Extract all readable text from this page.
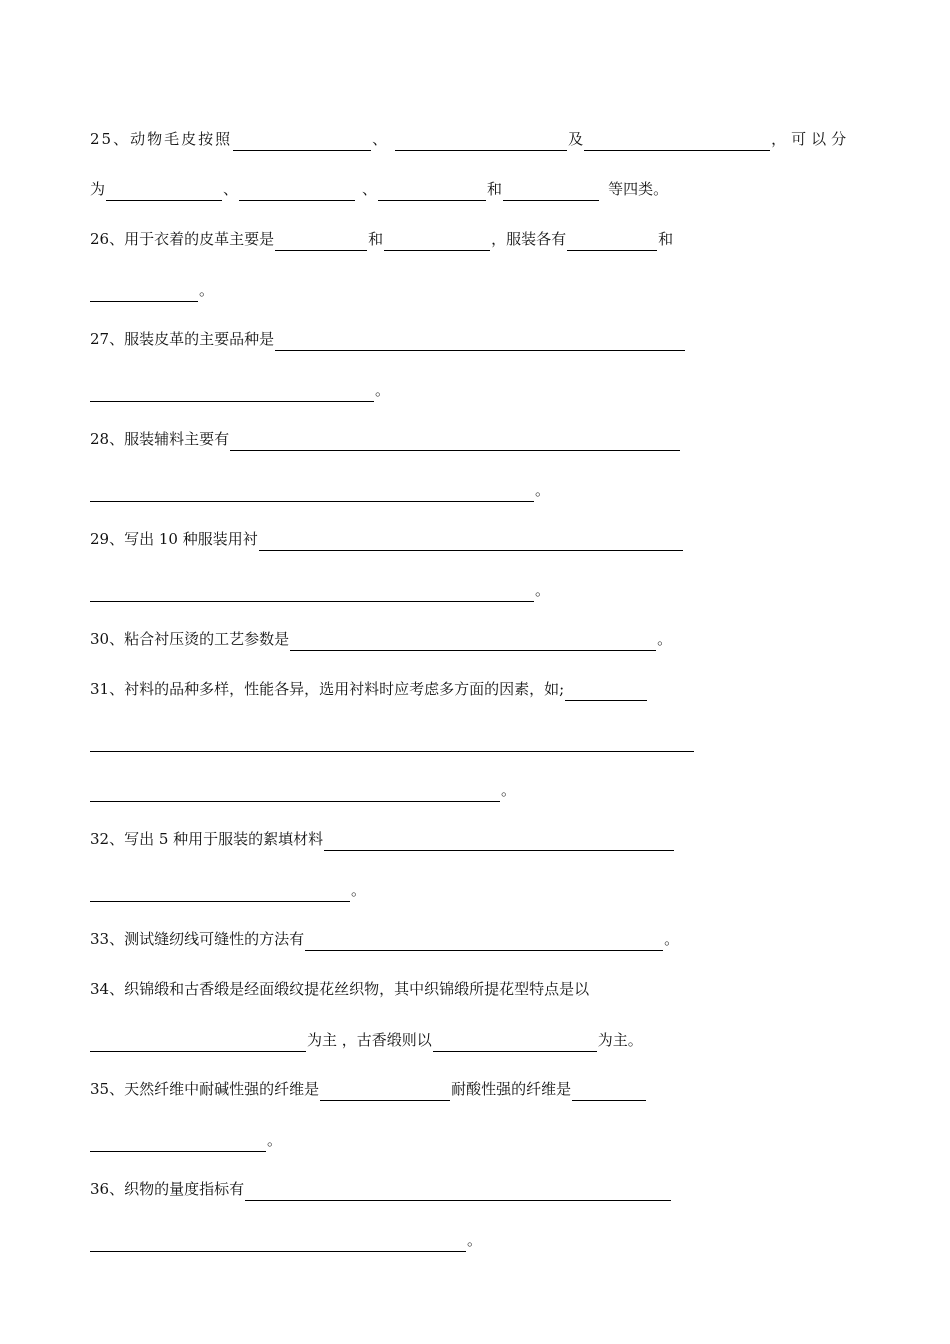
25、动物毛皮按照	、	及	，可以分
为	、	、	和	等四类。
26、用于衣着的皮革主要是	和	，服装各有	和
。
27、服装皮革的主要品种是
。
28、服装辅料主要有
。
29、写出 10 种服装用衬
。
30、粘合衬压烫的工艺参数是	。
31、衬料的品种多样，性能各异，选用衬料时应考虑多方面的因素，如;
。
32、写出 5 种用于服装的絮填材料
。
33、测试缝纫线可缝性的方法有	。
34、织锦缎和古香缎是经面缎纹提花丝织物，其中织锦缎所提花型特点是以
为主 ，古香缎则以	为主。
35、天然纤维中耐碱性强的纤维是	耐酸性强的纤维是
。
36、织物的量度指标有
。
